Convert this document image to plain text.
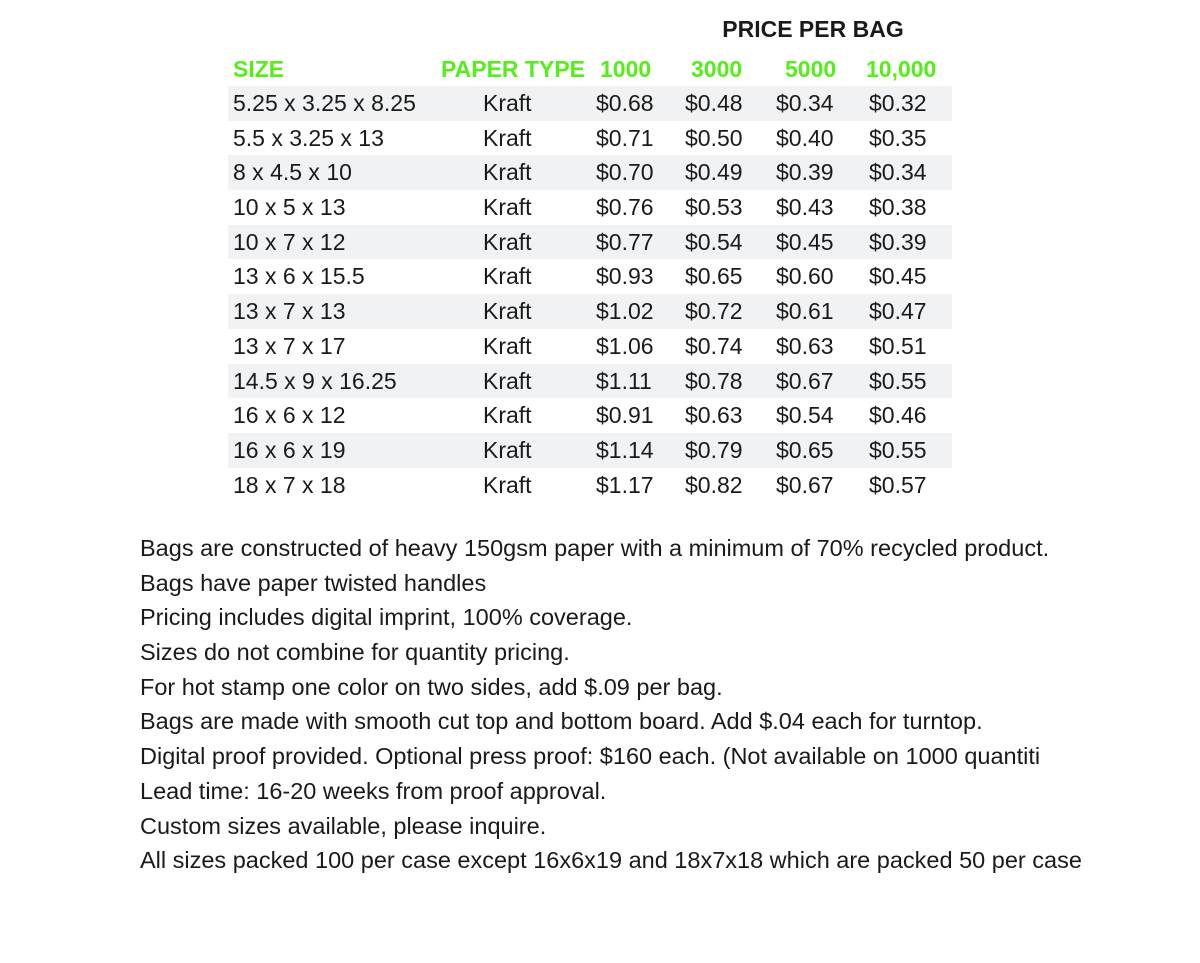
PRICE PER BAG
SIZE	PAPER TYPE 1000 3000 5000 10,000
5.25 x 3.25 x 8.25	Kraft	$0.68 $0.48 $0.34 $0.32
5.5 x 3.25 x 13	Kraft	$0.71 $0.50 $0.40 $0.35
8 x 4.5 x 10	Kraft	$0.70 $0.49 $0.39 $0.34
10 x 5 x 13	Kraft	$0.76 $0.53 $0.43 $0.38
10 x 7 x 12	Kraft	$0.77 $0.54 $0.45 $0.39
13 x 6 x 15.5	Kraft	$0.93 $0.65 $0.60 $0.45
13 x 7 x 13	Kraft	$1.02 $0.72 $0.61 $0.47
13 x 7 x 17	Kraft	$1.06 $0.74 $0.63 $0.51
14.5 x 9 x 16.25	Kraft	$1.11 $0.78 $0.67 $0.55
16 x 6 x 12	Kraft	$0.91 $0.63 $0.54 $0.46
16 x 6 x 19	Kraft	$1.14 $0.79 $0.65 $0.55
18 x 7 x 18	Kraft	$1.17 $0.82 $0.67 $0.57
Bags are constructed of heavy 150gsm paper with a minimum of 70% recycled product.
Bags have paper twisted handles
Pricing includes digital imprint, 100% coverage.
Sizes do not combine for quantity pricing.
For hot stamp one color on two sides, add $.09 per bag.
Bags are made with smooth cut top and bottom board. Add $.04 each for turntop.
Digital proof provided. Optional press proof: $160 each. (Not available on 1000 quantiti
Lead time: 16-20 weeks from proof approval.
Custom sizes available, please inquire.
All sizes packed 100 per case except 16x6x19 and 18x7x18 which are packed 50 per case
